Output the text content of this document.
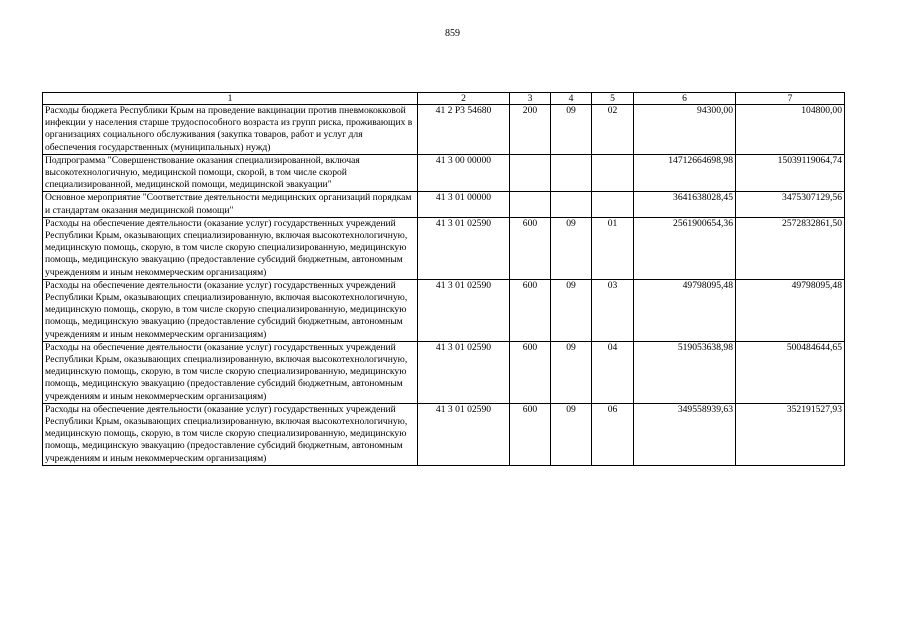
859
1	2	3	4	5	6	7
Расходы бюджета Республики Крым на проведение вакцинации против пневмококковой инфекции у населения старше трудоспособного возраста из групп риска, проживающих в организациях социального обслуживания (закупка товаров, работ и услуг для обеспечения государственных (муниципальных) нужд)	41 2 P3 54680	200	09	02	94300,00	104800,00
Подпрограмма "Совершенствование оказания специализированной, включая высокотехнологичную, медицинской помощи, скорой, в том числе скорой специализированной, медицинской помощи, медицинской эвакуации"	41 3 00 00000				14712664698,98	15039119064,74
Основное мероприятие "Соответствие деятельности медицинских организаций порядкам и стандартам оказания медицинской помощи"	41 3 01 00000				3641638028,45	3475307129,56
Расходы на обеспечение деятельности (оказание услуг) государственных учреждений Республики Крым, оказывающих специализированную, включая высокотехнологичную, медицинскую помощь, скорую, в том числе скорую специализированную, медицинскую помощь, медицинскую эвакуацию (предоставление субсидий бюджетным, автономным учреждениям и иным некоммерческим организациям)	41 3 01 02590	600	09	01	2561900654,36	2572832861,50
Расходы на обеспечение деятельности (оказание услуг) государственных учреждений Республики Крым, оказывающих специализированную, включая высокотехнологичную, медицинскую помощь, скорую, в том числе скорую специализированную, медицинскую помощь, медицинскую эвакуацию (предоставление субсидий бюджетным, автономным учреждениям и иным некоммерческим организациям)	41 3 01 02590	600	09	03	49798095,48	49798095,48
Расходы на обеспечение деятельности (оказание услуг) государственных учреждений Республики Крым, оказывающих специализированную, включая высокотехнологичную, медицинскую помощь, скорую, в том числе скорую специализированную, медицинскую помощь, медицинскую эвакуацию (предоставление субсидий бюджетным, автономным учреждениям и иным некоммерческим организациям)	41 3 01 02590	600	09	04	519053638,98	500484644,65
Расходы на обеспечение деятельности (оказание услуг) государственных учреждений Республики Крым, оказывающих специализированную, включая высокотехнологичную, медицинскую помощь, скорую, в том числе скорую специализированную, медицинскую помощь, медицинскую эвакуацию (предоставление субсидий бюджетным, автономным учреждениям и иным некоммерческим организациям)	41 3 01 02590	600	09	06	349558939,63	352191527,93
